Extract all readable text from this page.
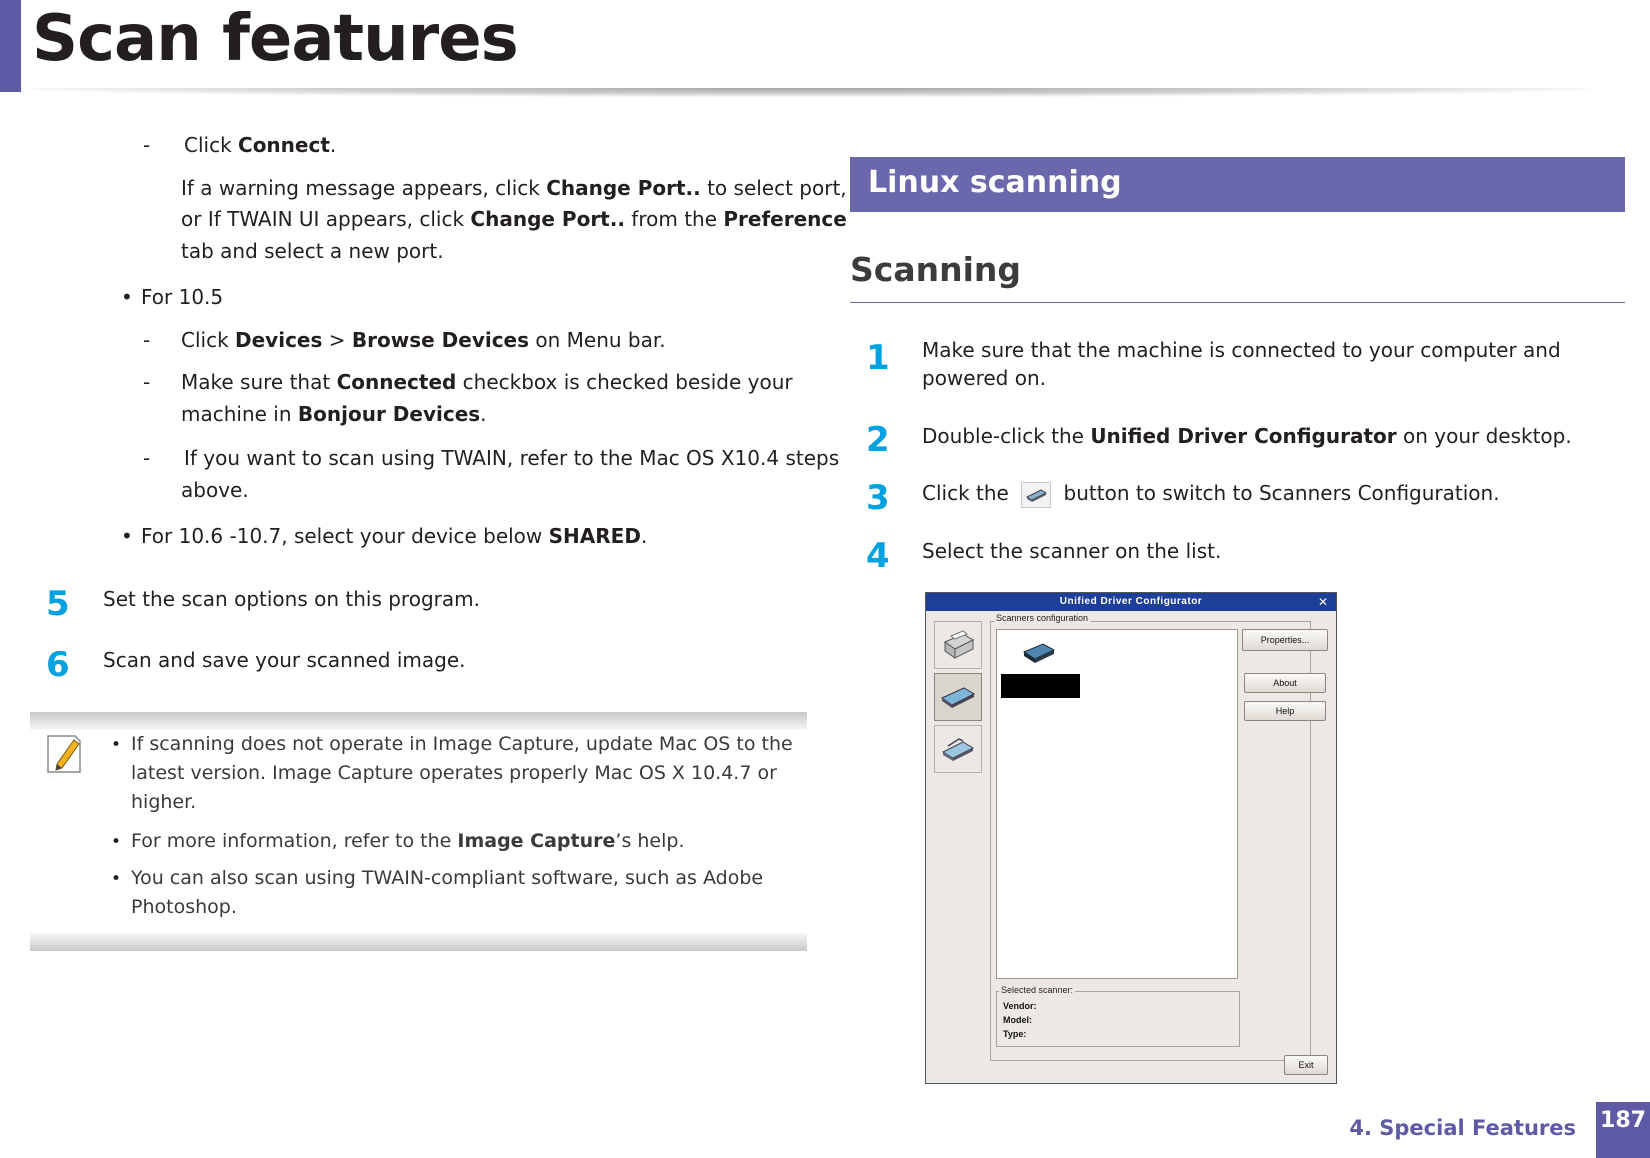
Scan features
- Click Connect.
If a warning message appears, click Change Port.. to select port,
or If TWAIN UI appears, click Change Port.. from the Preference
tab and select a new port.
• For 10.5
- Click Devices > Browse Devices on Menu bar.
- Make sure that Connected checkbox is checked beside your
machine in Bonjour Devices.
- If you want to scan using TWAIN, refer to the Mac OS X10.4 steps
above.
• For 10.6 -10.7, select your device below SHARED.
5 Set the scan options on this program.
6 Scan and save your scanned image.
• If scanning does not operate in Image Capture, update Mac OS to the
latest version. Image Capture operates properly Mac OS X 10.4.7 or
higher.
• For more information, refer to the Image Capture’s help.
• You can also scan using TWAIN-compliant software, such as Adobe
Photoshop.
Linux scanning
Scanning
1 Make sure that the machine is connected to your computer and
powered on.
2 Double-click the Unified Driver Configurator on your desktop.
3 Click the
button to switch to Scanners Configuration.
4 Select the scanner on the list.
Unified Driver Configurator	✕
Scanners configuration
Properties...
About
Help
Selected scanner:
Vendor:
Model:
Type:
Exit
4. Special Features 187
